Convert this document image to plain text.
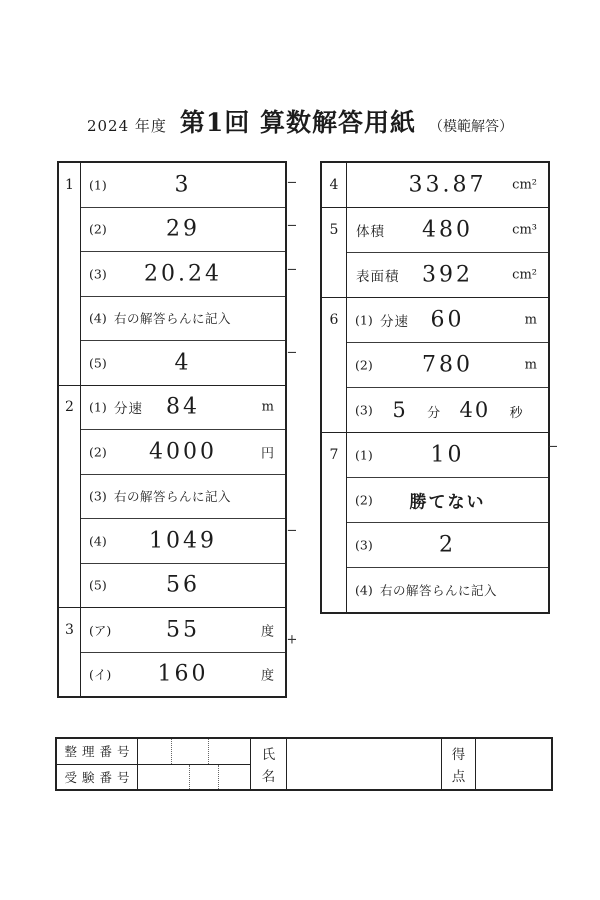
2024 年度 第1回 算数解答用紙 （模範解答）
1 (1)	3
(2)	29
(3)	20.24
(4) 右の解答らんに記入
(5)	4
2 (1) 分速	84	m
(2)	4000	円
(3) 右の解答らんに記入
(4)	1049
(5)	56
3 (ア)	55	度
(イ)	160	度
4	33.87	cm²
5 体積	480	cm³
表面積	392	cm²
6 (1) 分速 60	m
(2)	780	m
(3) 5 分 40 秒
7 (1)	10
(2)	勝てない
(3)	2
(4) 右の解答らんに記入
−
−
−
−
−
+
−
整理番号
受験番号
氏
名
得
点
